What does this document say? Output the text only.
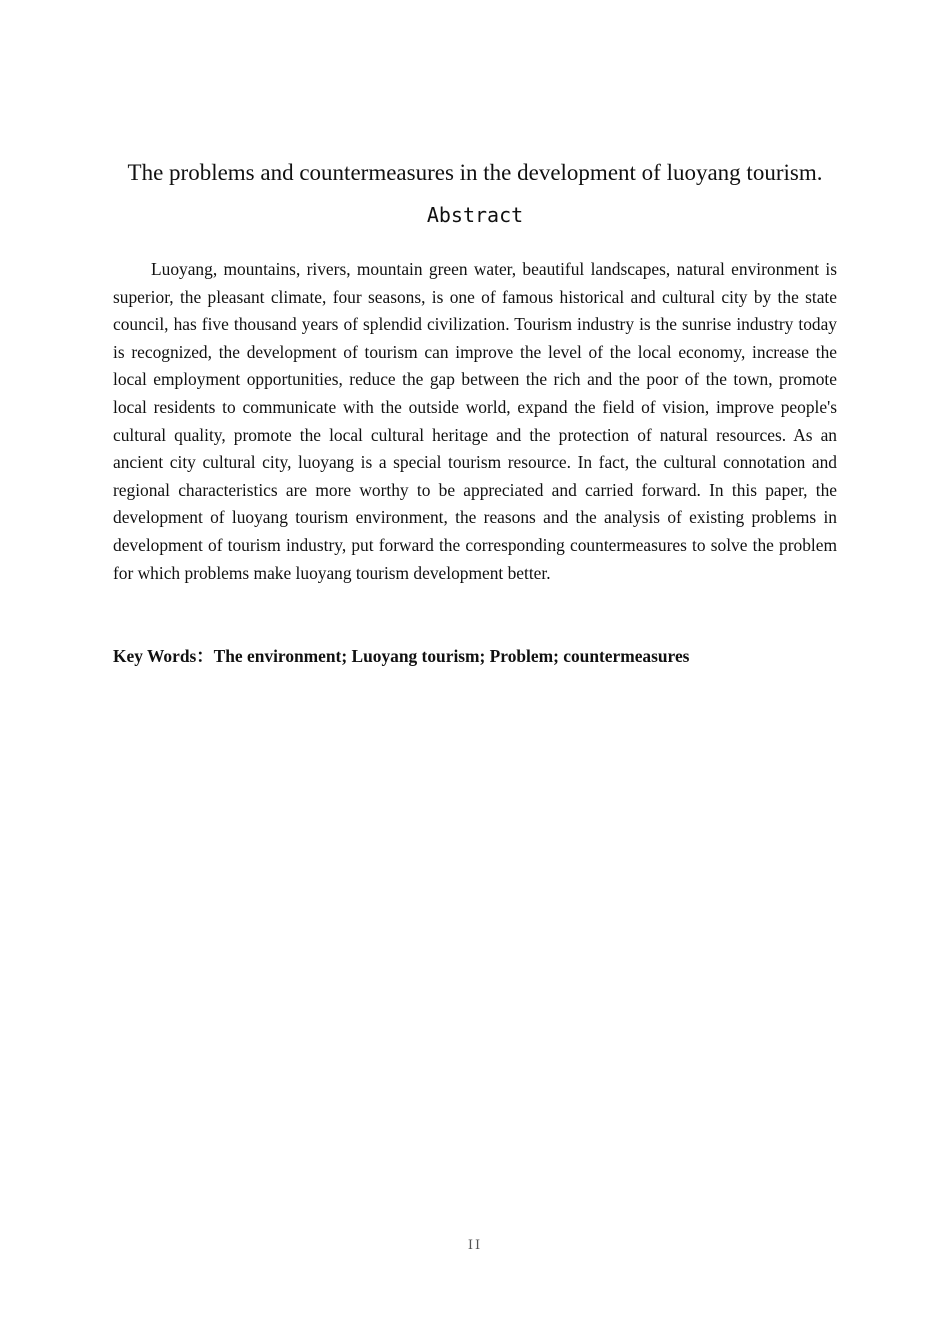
The problems and countermeasures in the development of luoyang tourism.
Abstract

Luoyang, mountains, rivers, mountain green water, beautiful landscapes, natural environment is superior, the pleasant climate, four seasons, is one of famous historical and cultural city by the state council, has five thousand years of splendid civilization. Tourism industry is the sunrise industry today is recognized, the development of tourism can improve the level of the local economy, increase the local employment opportunities, reduce the gap between the rich and the poor of the town, promote local residents to communicate with the outside world, expand the field of vision, improve people's cultural quality, promote the local cultural heritage and the protection of natural resources. As an ancient city cultural city, luoyang is a special tourism resource. In fact, the cultural connotation and regional characteristics are more worthy to be appreciated and carried forward. In this paper, the development of luoyang tourism environment, the reasons and the analysis of existing problems in development of tourism industry, put forward the corresponding countermeasures to solve the problem for which problems make luoyang tourism development better.

Key Words：The environment; Luoyang tourism; Problem; countermeasures

II
